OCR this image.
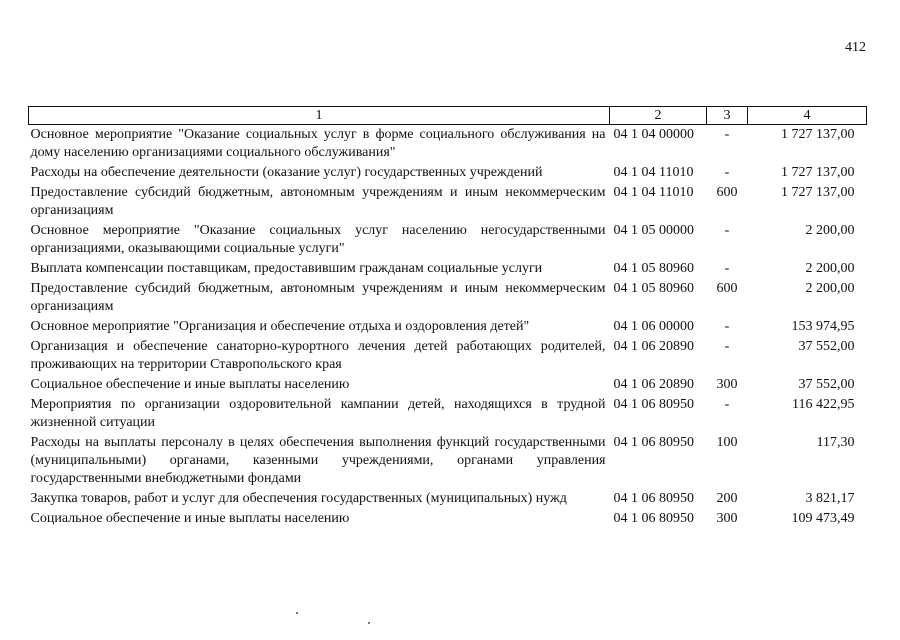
412
1	2	3	4
Основное мероприятие "Оказание социальных услуг в форме социального обслуживания на дому населению организациями социального обслуживания"	04 1 04 00000	-	1 727 137,00
Расходы на обеспечение деятельности (оказание услуг) государственных учреждений	04 1 04 11010	-	1 727 137,00
Предоставление субсидий бюджетным, автономным учреждениям и иным некоммерческим организациям	04 1 04 11010	600	1 727 137,00
Основное мероприятие "Оказание социальных услуг населению негосударственными организациями, оказывающими социальные услуги"	04 1 05 00000	-	2 200,00
Выплата компенсации поставщикам, предоставившим гражданам социальные услуги	04 1 05 80960	-	2 200,00
Предоставление субсидий бюджетным, автономным учреждениям и иным некоммерческим организациям	04 1 05 80960	600	2 200,00
Основное мероприятие "Организация и обеспечение отдыха и оздоровления детей"	04 1 06 00000	-	153 974,95
Организация и обеспечение санаторно-курортного лечения детей работающих родителей, проживающих на территории Ставропольского края	04 1 06 20890	-	37 552,00
Социальное обеспечение и иные выплаты населению	04 1 06 20890	300	37 552,00
Мероприятия по организации оздоровительной кампании детей, находящихся в трудной жизненной ситуации	04 1 06 80950	-	116 422,95
Расходы на выплаты персоналу в целях обеспечения выполнения функций государственными (муниципальными) органами, казенными учреждениями, органами управления государственными внебюджетными фондами	04 1 06 80950	100	117,30
Закупка товаров, работ и услуг для обеспечения государственных (муниципальных) нужд	04 1 06 80950	200	3 821,17
Социальное обеспечение и иные выплаты населению	04 1 06 80950	300	109 473,49
